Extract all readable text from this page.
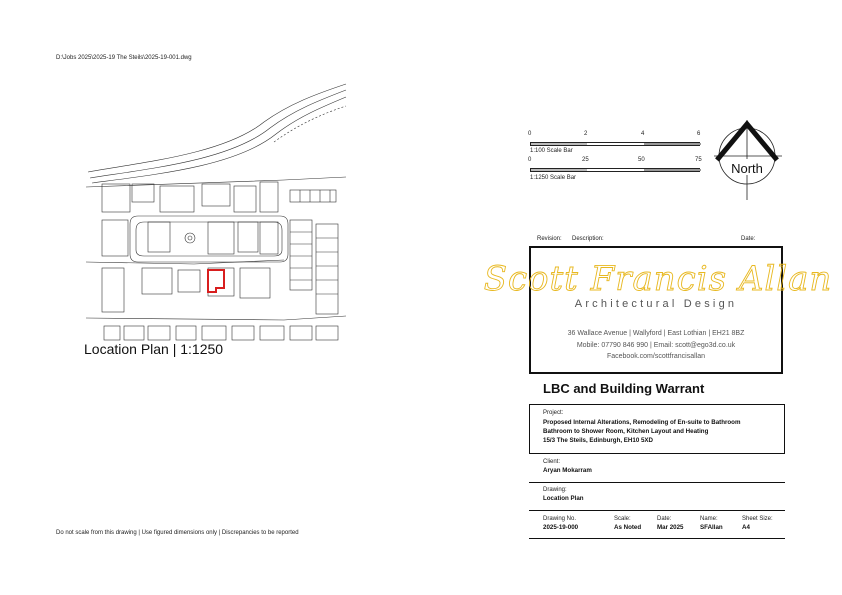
D:\Jobs 2025\2025-19 The Steils\2025-19-001.dwg
Location Plan | 1:1250
0	2	4	6
1:100 Scale Bar
0	25	50	75
1:1250 Scale Bar
North
Revision: Description:	Date:
Scott Francis Allan
Architectural Design
36 Wallace Avenue | Wallyford | East Lothian | EH21 8BZ
Mobile: 07790 846 990 | Email: scott@ego3d.co.uk
Facebook.com/scottfrancisallan
LBC and Building Warrant
Project:
Proposed Internal Alterations, Remodeling of En-suite to Bathroom
Bathroom to Shower Room, Kitchen Layout and Heating
15/3 The Steils, Edinburgh, EH10 5XD
Client:
Aryan Mokarram
Drawing:
Location Plan
Drawing No.
2025-19-000
Scale:
As Noted
Date:
Mar 2025
Name:
SFAllan
Sheet Size:
A4
Do not scale from this drawing | Use figured dimensions only | Discrepancies to be reported
